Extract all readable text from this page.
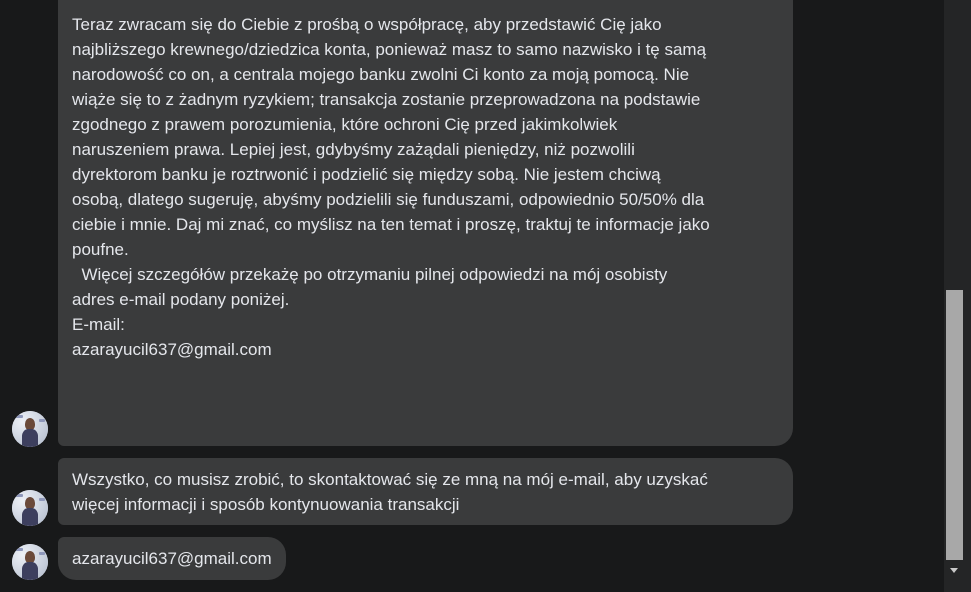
Teraz zwracam się do Ciebie z prośbą o współpracę, aby przedstawić Cię jako
najbliższego krewnego/dziedzica konta, ponieważ masz to samo nazwisko i tę samą
narodowość co on, a centrala mojego banku zwolni Ci konto za moją pomocą. Nie
wiąże się to z żadnym ryzykiem; transakcja zostanie przeprowadzona na podstawie
zgodnego z prawem porozumienia, które ochroni Cię przed jakimkolwiek
naruszeniem prawa. Lepiej jest, gdybyśmy zażądali pieniędzy, niż pozwolili
dyrektorom banku je roztrwonić i podzielić się między sobą. Nie jestem chciwą
osobą, dlatego sugeruję, abyśmy podzielili się funduszami, odpowiednio 50/50% dla
ciebie i mnie. Daj mi znać, co myślisz na ten temat i proszę, traktuj te informacje jako
poufne.

Więcej szczegółów przekażę po otrzymaniu pilnej odpowiedzi na mój osobisty
adres e-mail podany poniżej.

E-mail:
azarayucil637@gmail.com

Wszystko, co musisz zrobić, to skontaktować się ze mną na mój e-mail, aby uzyskać
więcej informacji i sposób kontynuowania transakcji

azarayucil637@gmail.com
